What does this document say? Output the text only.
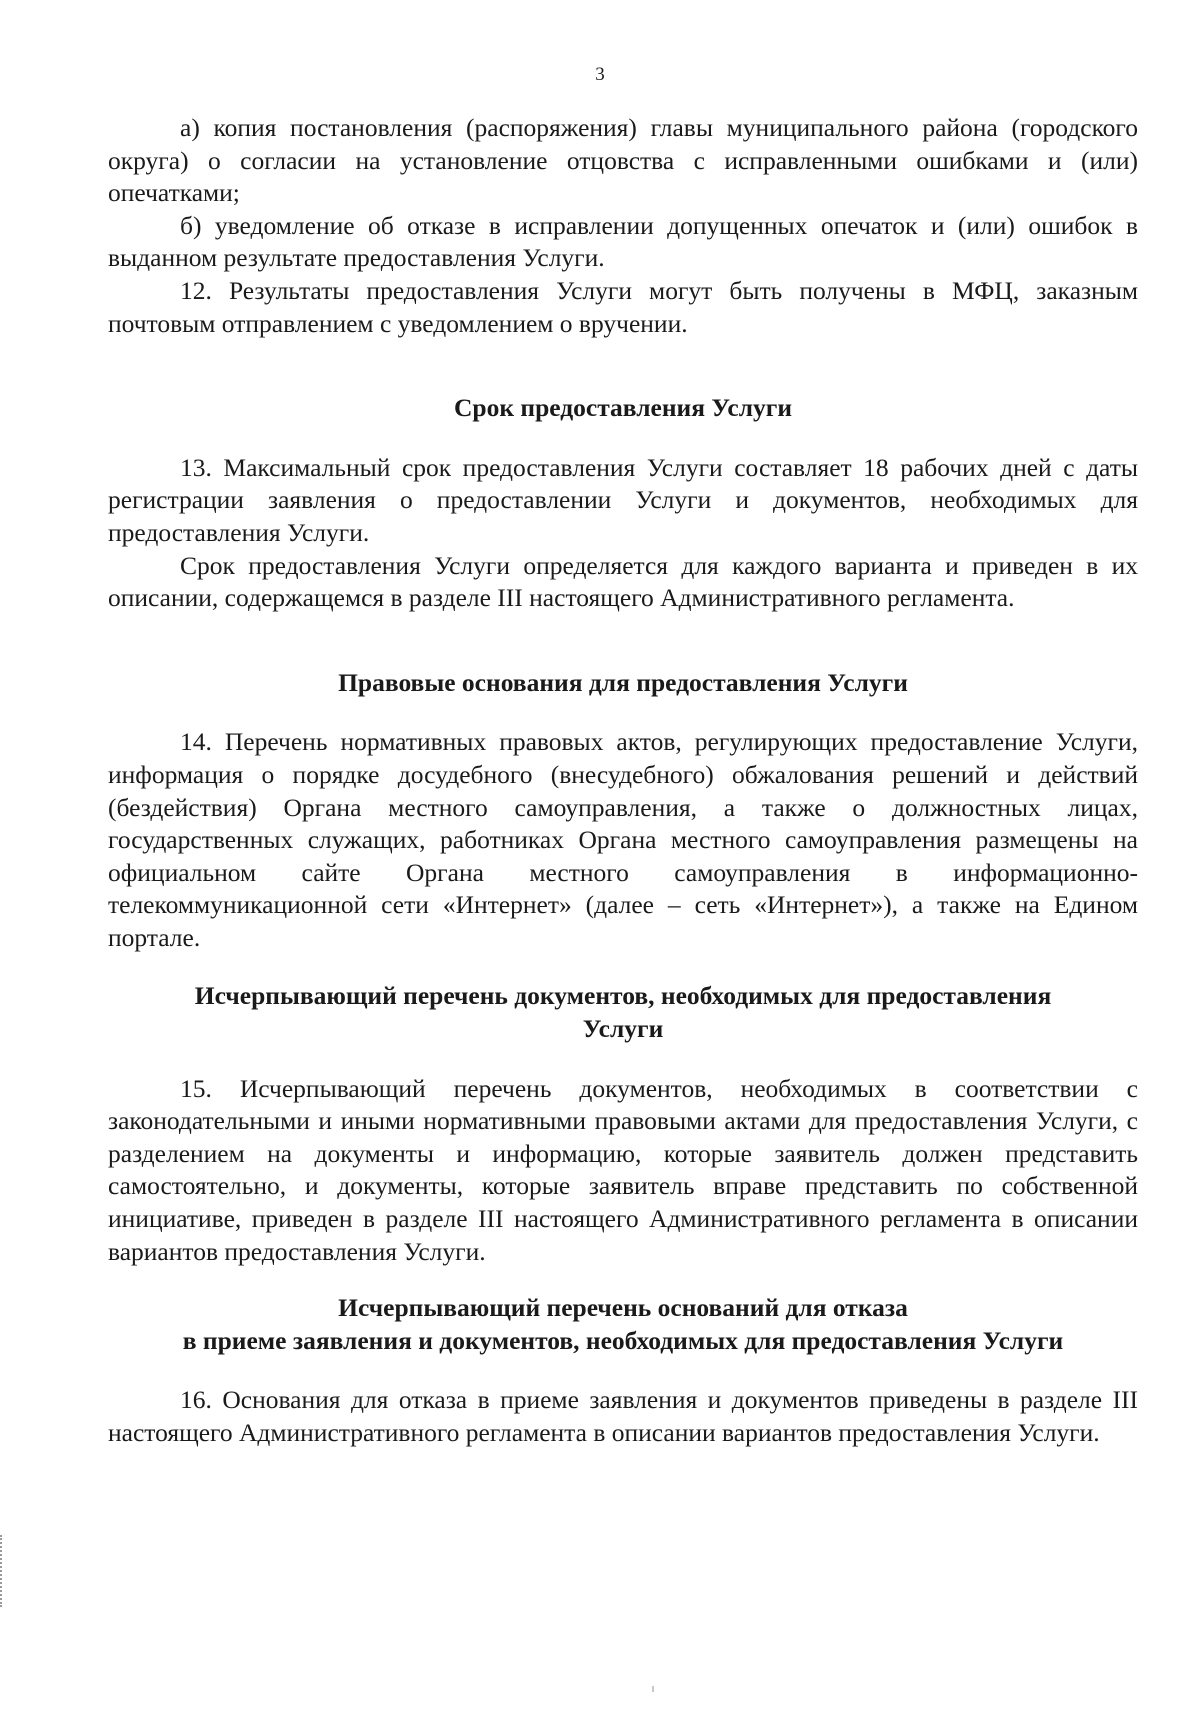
3

а) копия постановления (распоряжения) главы муниципального района (городского округа) о согласии на установление отцовства с исправленными ошибками и (или) опечатками;

б) уведомление об отказе в исправлении допущенных опечаток и (или) ошибок в выданном результате предоставления Услуги.

12. Результаты предоставления Услуги могут быть получены в МФЦ, заказным почтовым отправлением с уведомлением о вручении.

Срок предоставления Услуги

13. Максимальный срок предоставления Услуги составляет 18 рабочих дней с даты регистрации заявления о предоставлении Услуги и документов, необходимых для предоставления Услуги.

Срок предоставления Услуги определяется для каждого варианта и приведен в их описании, содержащемся в разделе III настоящего Административного регламента.

Правовые основания для предоставления Услуги

14. Перечень нормативных правовых актов, регулирующих предоставление Услуги, информация о порядке досудебного (внесудебного) обжалования решений и действий (бездействия) Органа местного самоуправления, а также о должностных лицах, государственных служащих, работниках Органа местного самоуправления размещены на официальном сайте Органа местного самоуправления в информационно-телекоммуникационной сети «Интернет» (далее – сеть «Интернет»), а также на Едином портале.

Исчерпывающий перечень документов, необходимых для предоставления
Услуги

15. Исчерпывающий перечень документов, необходимых в соответствии с законодательными и иными нормативными правовыми актами для предоставления Услуги, с разделением на документы и информацию, которые заявитель должен представить самостоятельно, и документы, которые заявитель вправе представить по собственной инициативе, приведен в разделе III настоящего Административного регламента в описании вариантов предоставления Услуги.

Исчерпывающий перечень оснований для отказа
в приеме заявления и документов, необходимых для предоставления Услуги

16. Основания для отказа в приеме заявления и документов приведены в разделе III настоящего Административного регламента в описании вариантов предоставления Услуги.
